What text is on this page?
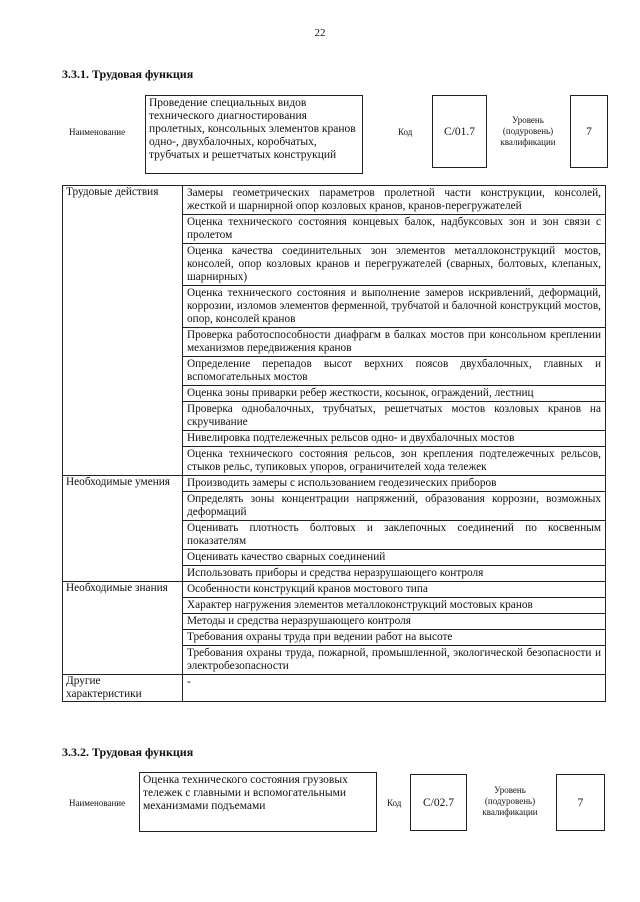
22
3.3.1. Трудовая функция
Наименование
Проведение специальных видов технического диагностирования пролетных, консольных элементов кранов одно-, двухбалочных, коробчатых, трубчатых и решетчатых конструкций
Код	C/01.7
Уровень (подуровень) квалификации
7
Трудовые действия	Замеры геометрических параметров пролетной части конструкции, консолей, жесткой и шарнирной опор козловых кранов, кранов-перегружателей
	Оценка технического состояния концевых балок, надбуксовых зон и зон связи с пролетом
	Оценка качества соединительных зон элементов металлоконструкций мостов, консолей, опор козловых кранов и перегружателей (сварных, болтовых, клепаных, шарнирных)
	Оценка технического состояния и выполнение замеров искривлений, деформаций, коррозии, изломов элементов ферменной, трубчатой и балочной конструкций мостов, опор, консолей кранов
	Проверка работоспособности диафрагм в балках мостов при консольном креплении механизмов передвижения кранов
	Определение перепадов высот верхних поясов двухбалочных, главных и вспомогательных мостов
	Оценка зоны приварки ребер жесткости, косынок, ограждений, лестниц
	Проверка однобалочных, трубчатых, решетчатых мостов козловых кранов на скручивание
	Нивелировка подтележечных рельсов одно- и двухбалочных мостов
	Оценка технического состояния рельсов, зон крепления подтележечных рельсов, стыков рельс, тупиковых упоров, ограничителей хода тележек
Необходимые умения	Производить замеры с использованием геодезических приборов
	Определять зоны концентрации напряжений, образования коррозии, возможных деформаций
	Оценивать плотность болтовых и заклепочных соединений по косвенным показателям
	Оценивать качество сварных соединений
	Использовать приборы и средства неразрушающего контроля
Необходимые знания	Особенности конструкций кранов мостового типа
	Характер нагружения элементов металлоконструкций мостовых кранов
	Методы и средства неразрушающего контроля
	Требования охраны труда при ведении работ на высоте
	Требования охраны труда, пожарной, промышленной, экологической безопасности и электробезопасности
Другие характеристики	-
3.3.2. Трудовая функция
Наименование
Оценка технического состояния грузовых тележек с главными и вспомогательными механизмами подъемами	Код	C/02.7
Уровень (подуровень) квалификации
7
